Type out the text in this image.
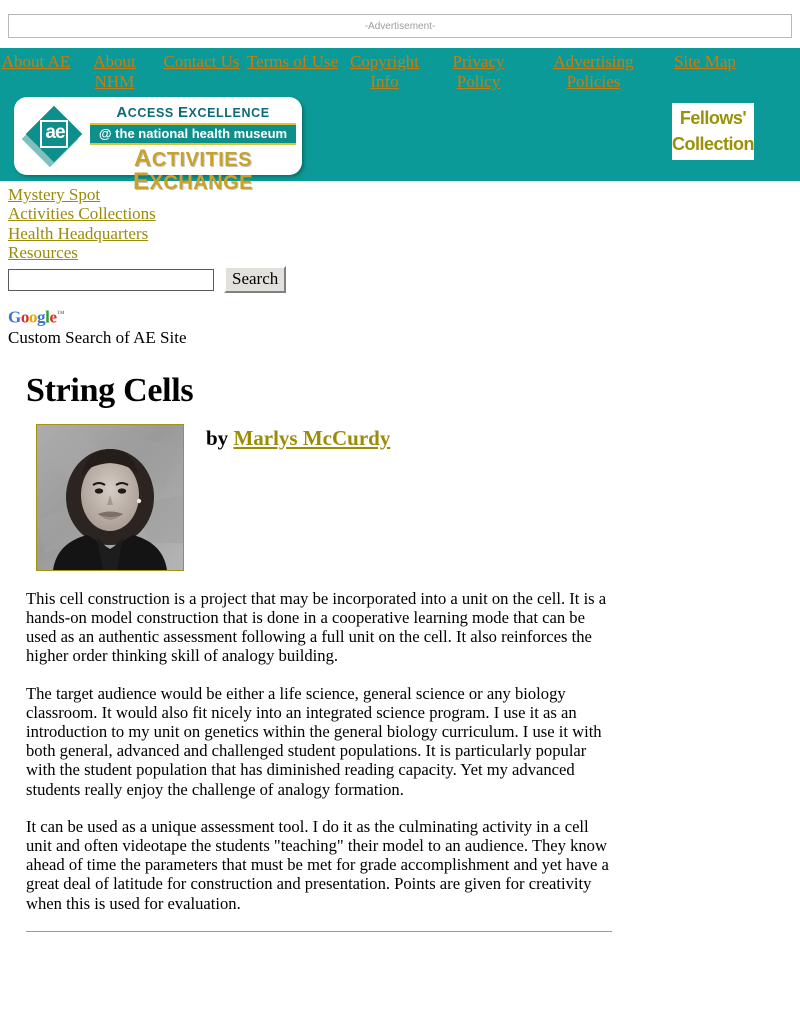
-Advertisement-
About AE About NHMContact Us Terms of Use Copyright InfoPrivacy PolicyAdvertising PoliciesSite Map
ae
ACCESS EXCELLENCE
@ the national health museum
ACTIVITIES EXCHANGE
Fellows'
Collection
Mystery Spot
Activities Collections
Health Headquarters
Resources
Search
Google™
Custom Search of AE Site
String Cells
by Marlys McCurdy

This cell construction is a project that may be incorporated into a unit on the cell. It is a hands-on model construction that is done in a cooperative learning mode that can be used as an authentic assessment following a full unit on the cell. It also reinforces the higher order thinking skill of analogy building.

The target audience would be either a life science, general science or any biology classroom. It would also fit nicely into an integrated science program. I use it as an introduction to my unit on genetics within the general biology curriculum. I use it with both general, advanced and challenged student populations. It is particularly popular with the student population that has diminished reading capacity. Yet my advanced students really enjoy the challenge of analogy formation.

It can be used as a unique assessment tool. I do it as the culminating activity in a cell unit and often videotape the students "teaching" their model to an audience. They know ahead of time the parameters that must be met for grade accomplishment and yet have a great deal of latitude for construction and presentation. Points are given for creativity when this is used for evaluation.
